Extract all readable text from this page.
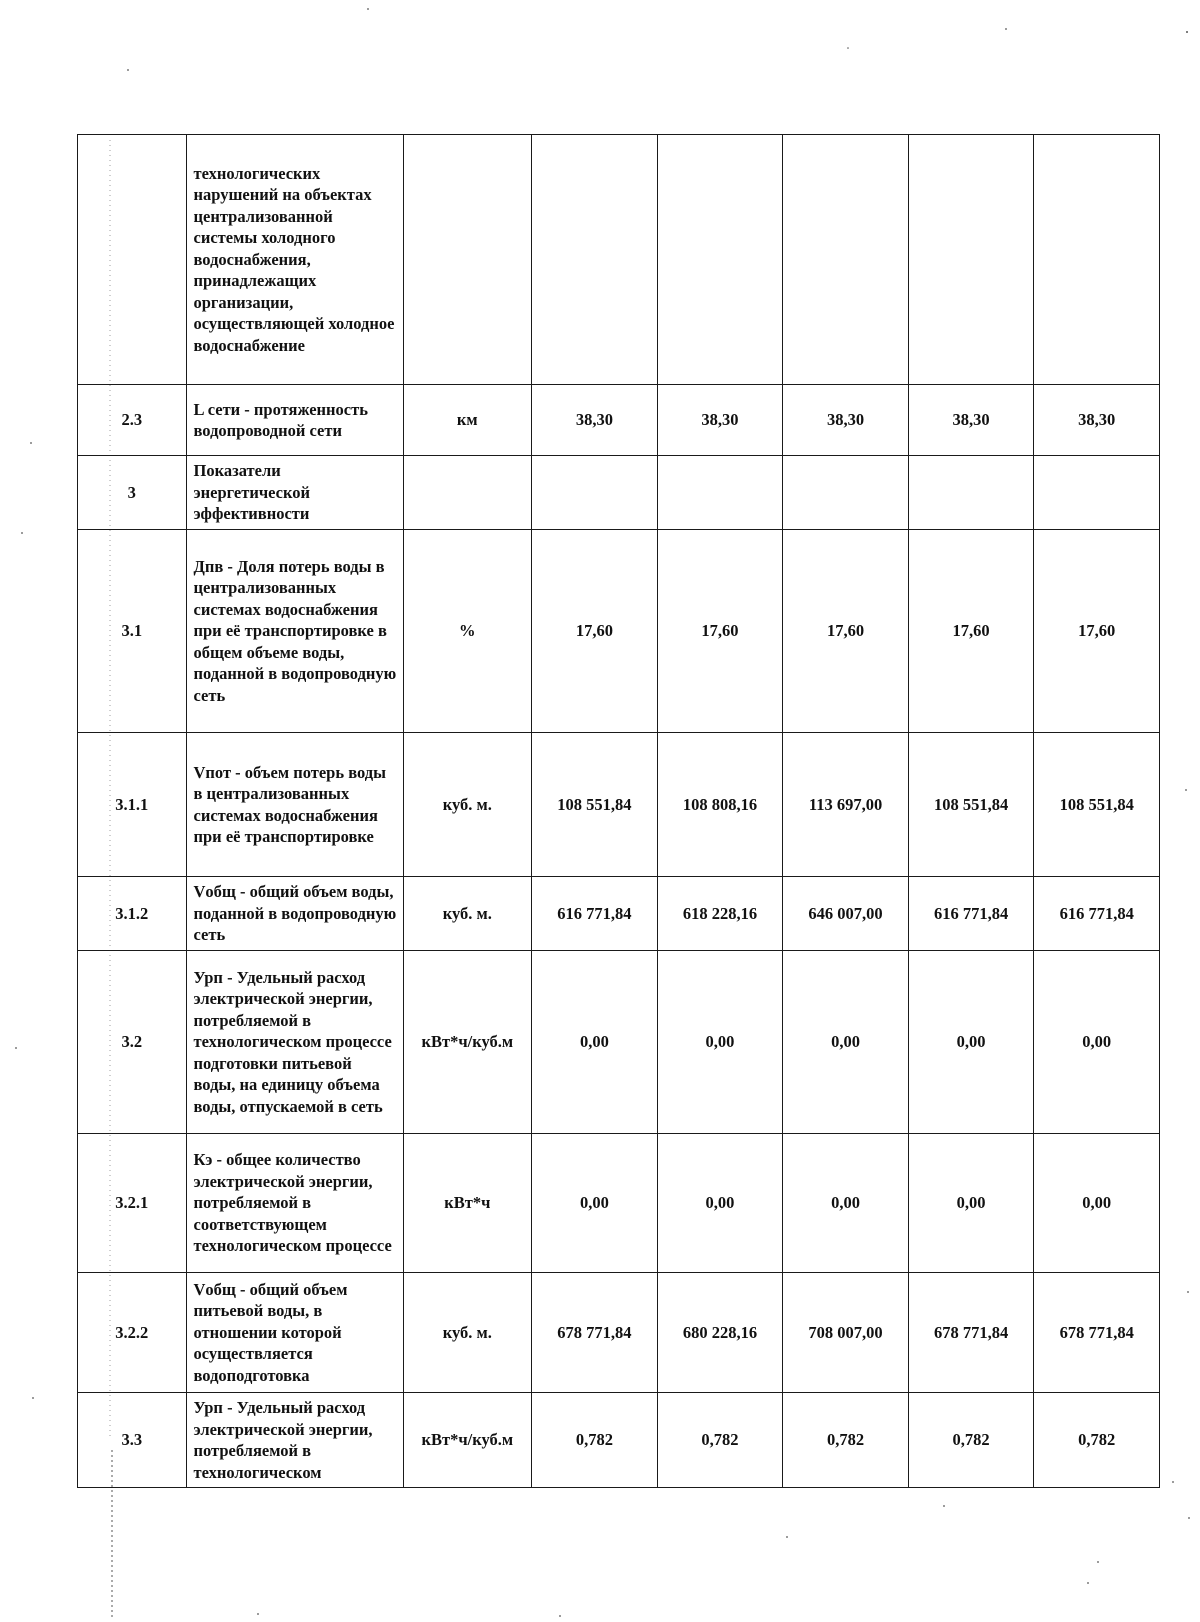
	технологических нарушений на объектах централизованной системы холодного водоснабжения, принадлежащих организации, осуществляющей холодное водоснабжение						
2.3	L сети - протяженность водопроводной сети	км	38,30	38,30	38,30	38,30	38,30
3	Показатели энергетической эффективности						
3.1	Дпв - Доля потерь воды в централизованных системах водоснабжения при её транспортировке в общем объеме воды, поданной в водопроводную сеть	%	17,60	17,60	17,60	17,60	17,60
3.1.1	Vпот - объем потерь воды в централизованных системах водоснабжения при её транспортировке	куб. м.	108 551,84	108 808,16	113 697,00	108 551,84	108 551,84
3.1.2	Vобщ - общий объем воды, поданной в водопроводную сеть	куб. м.	616 771,84	618 228,16	646 007,00	616 771,84	616 771,84
3.2	Урп - Удельный расход электрической энергии, потребляемой в технологическом процессе подготовки питьевой воды, на единицу объема воды, отпускаемой в сеть	кВт*ч/куб.м	0,00	0,00	0,00	0,00	0,00
3.2.1	Кэ - общее количество электрической энергии, потребляемой в соответствующем технологическом процессе	кВт*ч	0,00	0,00	0,00	0,00	0,00
3.2.2	Vобщ - общий объем питьевой воды, в отношении которой осуществляется водоподготовка	куб. м.	678 771,84	680 228,16	708 007,00	678 771,84	678 771,84
3.3	Урп - Удельный расход электрической энергии, потребляемой в технологическом	кВт*ч/куб.м	0,782	0,782	0,782	0,782	0,782
